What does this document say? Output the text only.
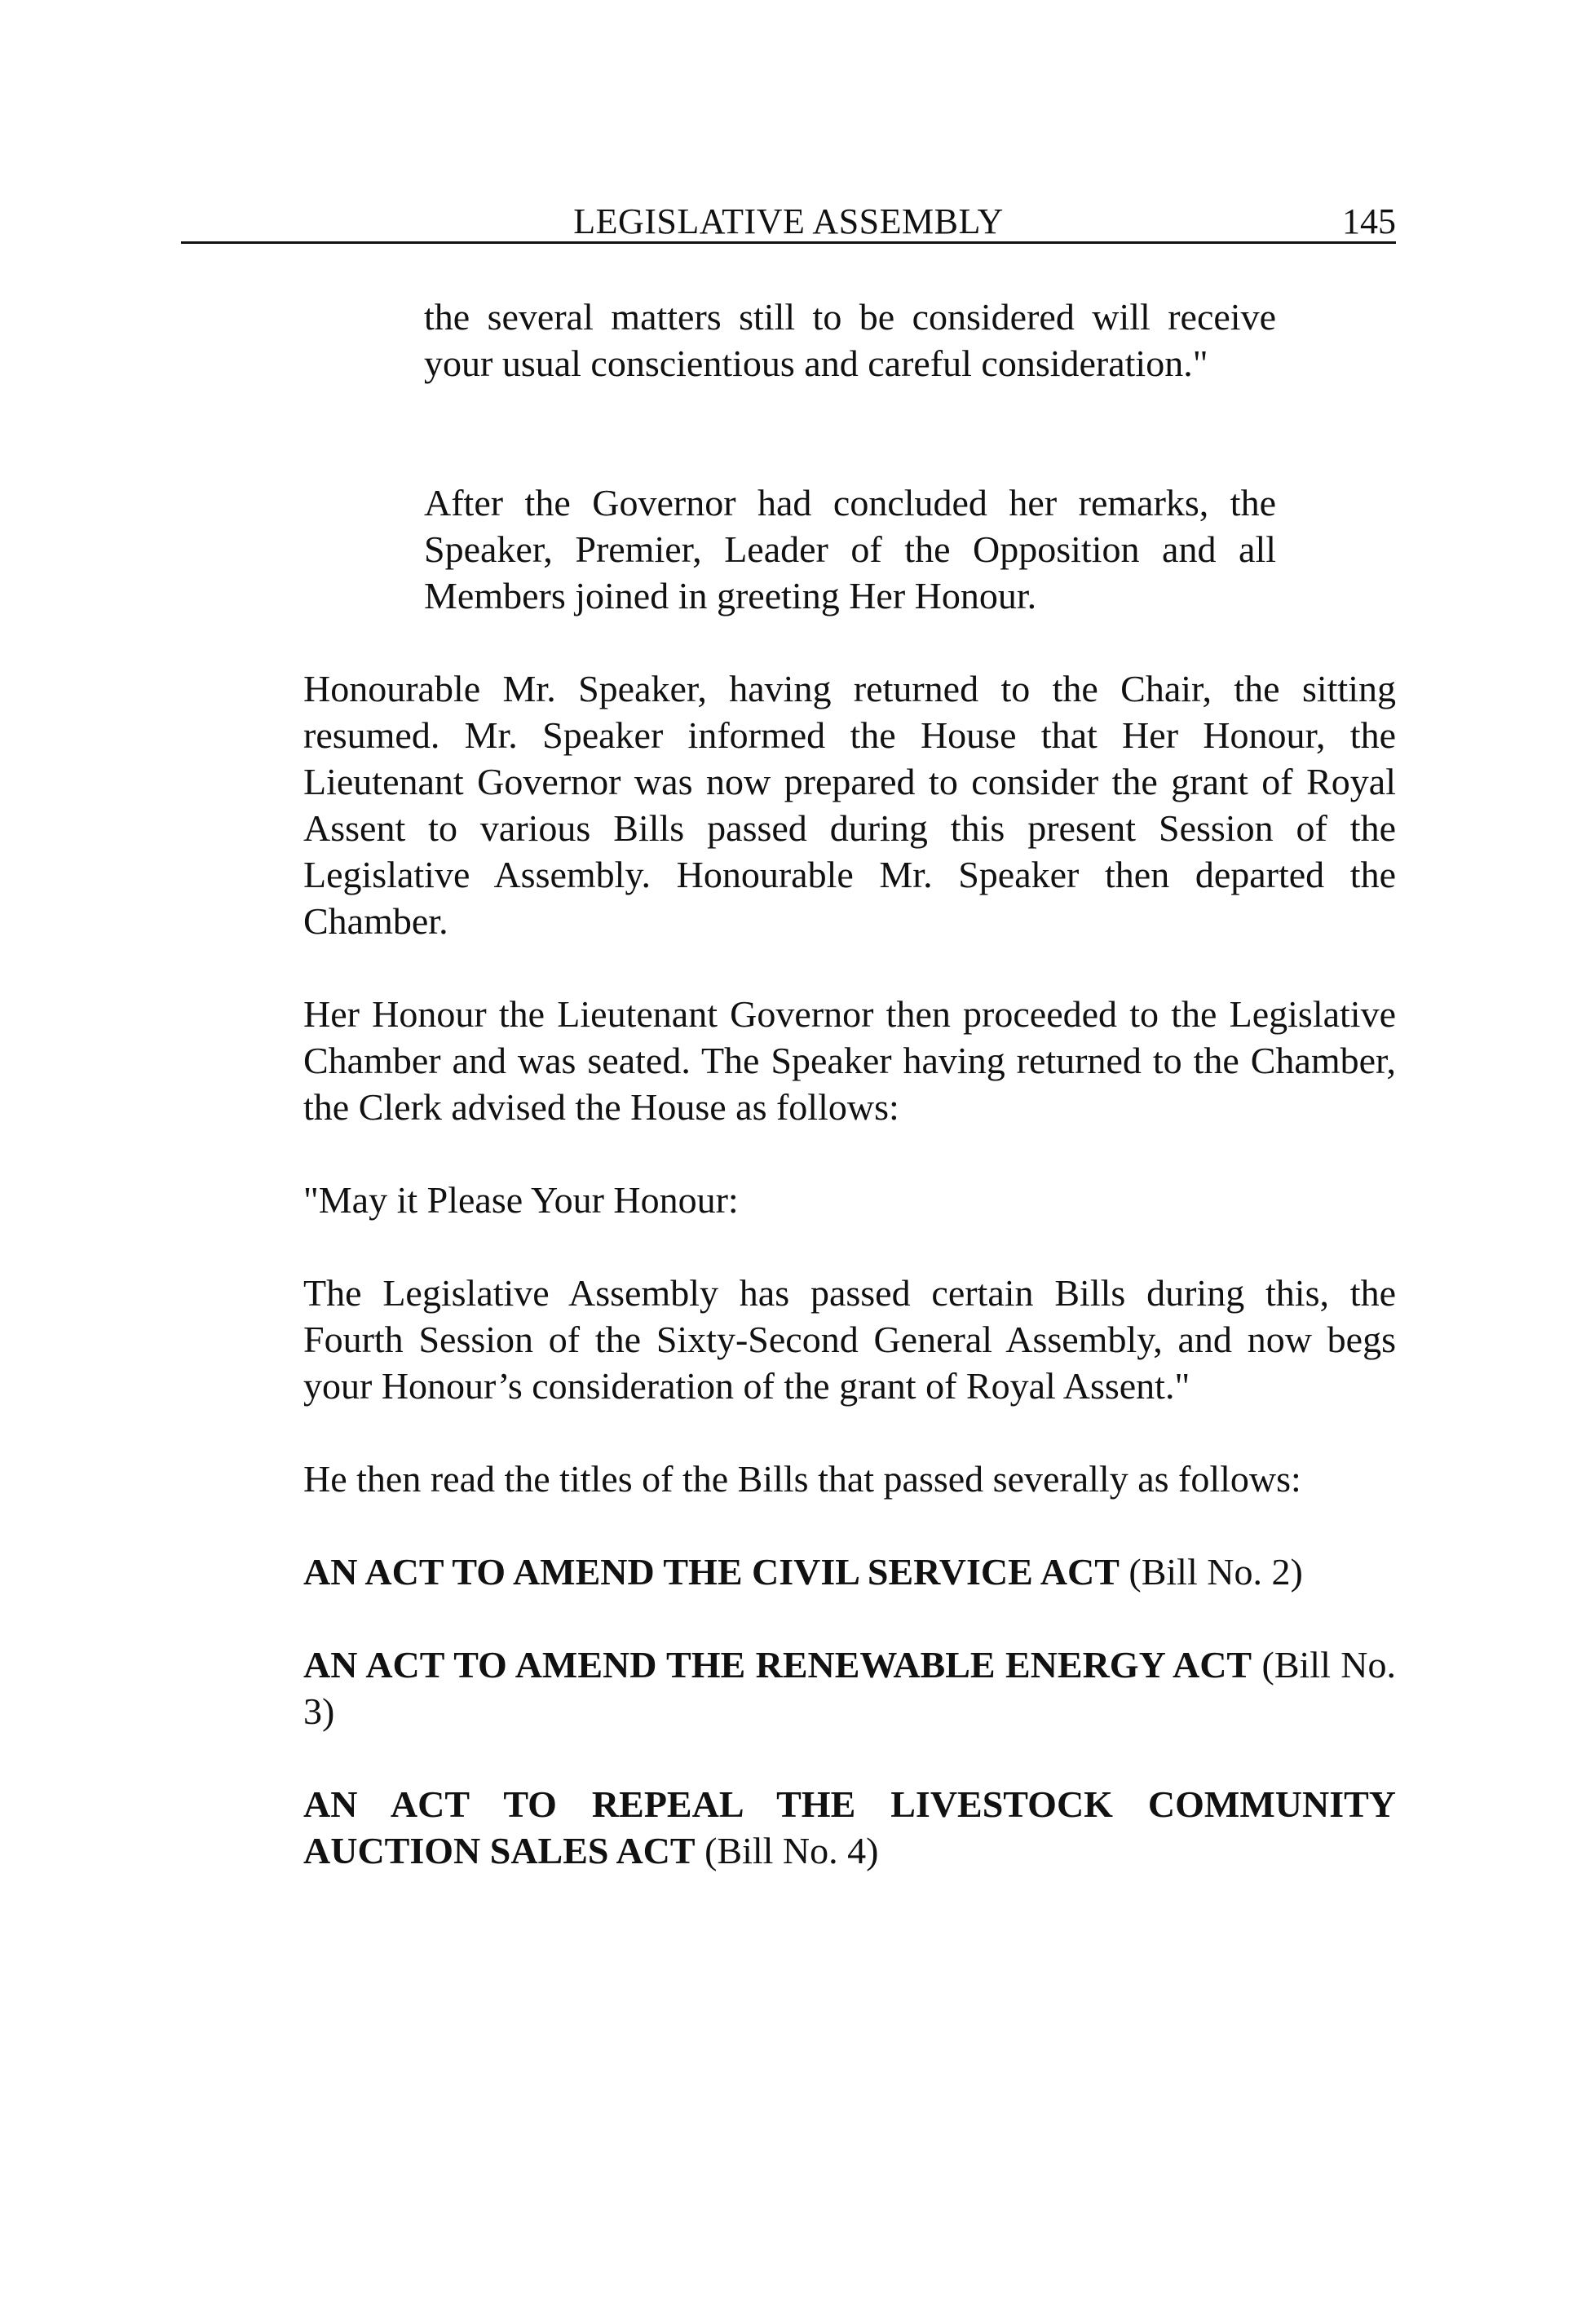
LEGISLATIVE ASSEMBLY	145

the several matters still to be considered will receive your usual conscientious and careful consideration."

After the Governor had concluded her remarks, the Speaker, Premier, Leader of the Opposition and all Members joined in greeting Her Honour.

Honourable Mr. Speaker, having returned to the Chair, the sitting resumed. Mr. Speaker informed the House that Her Honour, the Lieutenant Governor was now prepared to consider the grant of Royal Assent to various Bills passed during this present Session of the Legislative Assembly. Honourable Mr. Speaker then departed the Chamber.

Her Honour the Lieutenant Governor then proceeded to the Legislative Chamber and was seated. The Speaker having returned to the Chamber, the Clerk advised the House as follows:

"May it Please Your Honour:

The Legislative Assembly has passed certain Bills during this, the Fourth Session of the Sixty-Second General Assembly, and now begs your Honour’s consideration of the grant of Royal Assent."

He then read the titles of the Bills that passed severally as follows:

AN ACT TO AMEND THE CIVIL SERVICE ACT (Bill No. 2)

AN ACT TO AMEND THE RENEWABLE ENERGY ACT (Bill No. 3)

AN ACT TO REPEAL THE LIVESTOCK COMMUNITY AUCTION SALES ACT (Bill No. 4)
